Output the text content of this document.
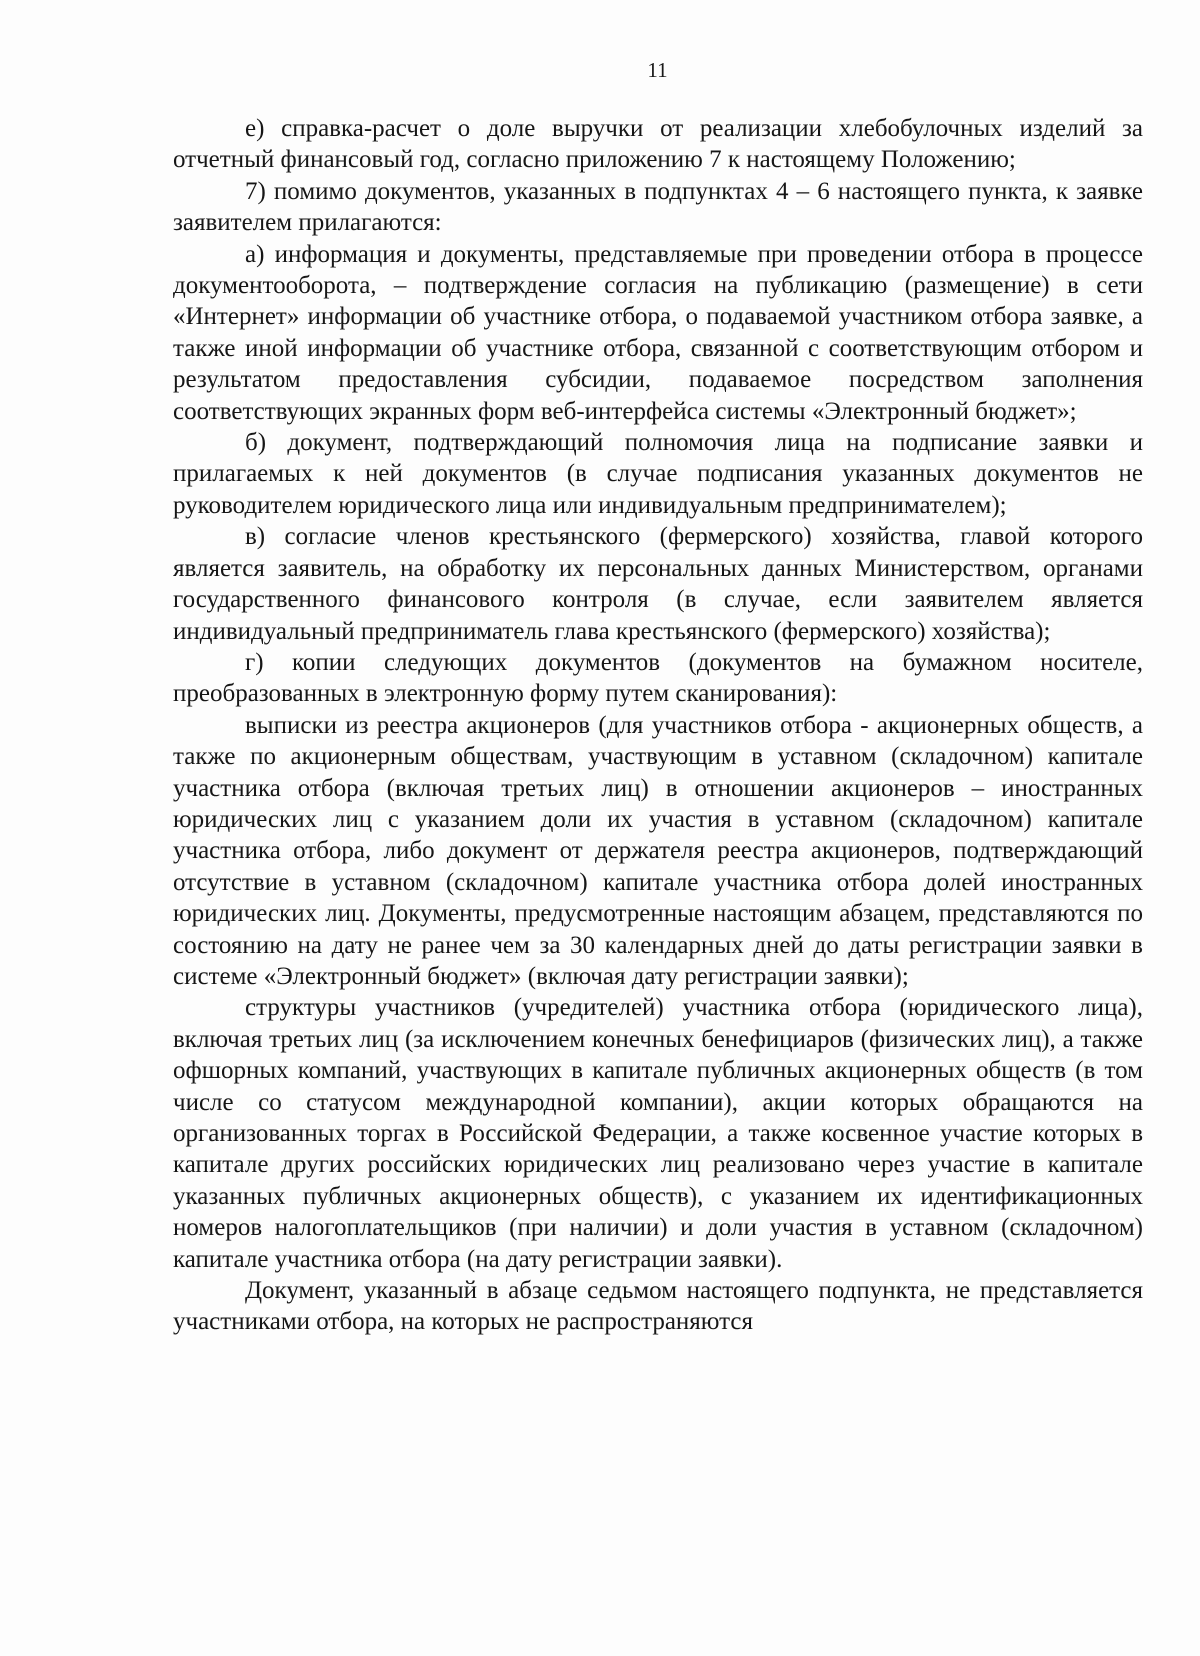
11

е) справка-расчет о доле выручки от реализации хлебобулочных изделий за отчетный финансовый год, согласно приложению 7 к настоящему Положению;

7) помимо документов, указанных в подпунктах 4 – 6 настоящего пункта, к заявке заявителем прилагаются:

а) информация и документы, представляемые при проведении отбора в процессе документооборота, – подтверждение согласия на публикацию (размещение) в сети «Интернет» информации об участнике отбора, о подаваемой участником отбора заявке, а также иной информации об участнике отбора, связанной с соответствующим отбором и результатом предоставления субсидии, подаваемое посредством заполнения соответствующих экранных форм веб-интерфейса системы «Электронный бюджет»;

б) документ, подтверждающий полномочия лица на подписание заявки и прилагаемых к ней документов (в случае подписания указанных документов не руководителем юридического лица или индивидуальным предпринимателем);

в) согласие членов крестьянского (фермерского) хозяйства, главой которого является заявитель, на обработку их персональных данных Министерством, органами государственного финансового контроля (в случае, если заявителем является индивидуальный предприниматель глава крестьянского (фермерского) хозяйства);

г) копии следующих документов (документов на бумажном носителе, преобразованных в электронную форму путем сканирования):

выписки из реестра акционеров (для участников отбора - акционерных обществ, а также по акционерным обществам, участвующим в уставном (складочном) капитале участника отбора (включая третьих лиц) в отношении акционеров – иностранных юридических лиц с указанием доли их участия в уставном (складочном) капитале участника отбора, либо документ от держателя реестра акционеров, подтверждающий отсутствие в уставном (складочном) капитале участника отбора долей иностранных юридических лиц. Документы, предусмотренные настоящим абзацем, представляются по состоянию на дату не ранее чем за 30 календарных дней до даты регистрации заявки в системе «Электронный бюджет» (включая дату регистрации заявки);

структуры участников (учредителей) участника отбора (юридического лица), включая третьих лиц (за исключением конечных бенефициаров (физических лиц), а также офшорных компаний, участвующих в капитале публичных акционерных обществ (в том числе со статусом международной компании), акции которых обращаются на организованных торгах в Российской Федерации, а также косвенное участие которых в капитале других российских юридических лиц реализовано через участие в капитале указанных публичных акционерных обществ), с указанием их идентификационных номеров налогоплательщиков (при наличии) и доли участия в уставном (складочном) капитале участника отбора (на дату регистрации заявки).

Документ, указанный в абзаце седьмом настоящего подпункта, не представляется участниками отбора, на которых не распространяются
